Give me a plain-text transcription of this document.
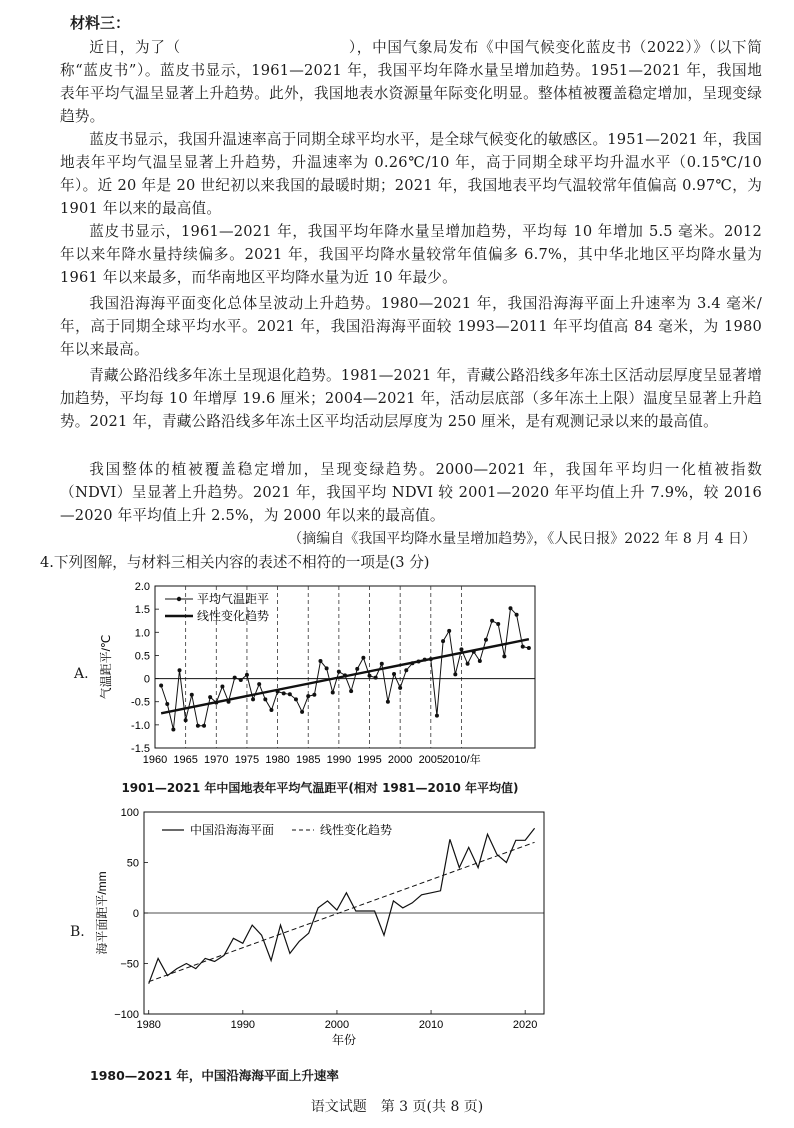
材料三：
近日，为了（　　　　　　　　　　　），中国气象局发布《中国气候变化蓝皮书（2022）》（以下简称“蓝皮书”）。蓝皮书显示，1961—2021 年，我国平均年降水量呈增加趋势。1951—2021 年，我国地表年平均气温呈显著上升趋势。此外，我国地表水资源量年际变化明显。整体植被覆盖稳定增加，呈现变绿趋势。
蓝皮书显示，我国升温速率高于同期全球平均水平，是全球气候变化的敏感区。1951—2021 年，我国地表年平均气温呈显著上升趋势，升温速率为 0.26℃/10 年，高于同期全球平均升温水平（0.15℃/10 年）。近 20 年是 20 世纪初以来我国的最暖时期；2021 年，我国地表平均气温较常年值偏高 0.97℃，为 1901 年以来的最高值。
蓝皮书显示，1961—2021 年，我国平均年降水量呈增加趋势，平均每 10 年增加 5.5 毫米。2012 年以来年降水量持续偏多。2021 年，我国平均降水量较常年值偏多 6.7%，其中华北地区平均降水量为 1961 年以来最多，而华南地区平均降水量为近 10 年最少。
我国沿海海平面变化总体呈波动上升趋势。1980—2021 年，我国沿海海平面上升速率为 3.4 毫米/年，高于同期全球平均水平。2021 年，我国沿海海平面较 1993—2011 年平均值高 84 毫米，为 1980 年以来最高。
青藏公路沿线多年冻土呈现退化趋势。1981—2021 年，青藏公路沿线多年冻土区活动层厚度呈显著增加趋势，平均每 10 年增厚 19.6 厘米；2004—2021 年，活动层底部（多年冻土上限）温度呈显著上升趋势。2021 年，青藏公路沿线多年冻土区平均活动层厚度为 250 厘米，是有观测记录以来的最高值。
我国整体的植被覆盖稳定增加，呈现变绿趋势。2000—2021 年，我国年平均归一化植被指数（NDVI）呈显著上升趋势。2021 年，我国平均 NDVI 较 2001—2020 年平均值上升 7.9%，较 2016—2020 年平均值上升 2.5%，为 2000 年以来的最高值。
（摘编自《我国平均降水量呈增加趋势》，《人民日报》2022 年 8 月 4 日）
4.下列图解，与材料三相关内容的表述不相符的一项是(3 分)
A.
1960 1965 1970 1975 1980 1985 1990 1995 2000 2005 2010/年
-1.5
-1.0
-0.5
0
0.5
1.0
1.5
2.0
气温距平/℃
平均气温距平
线性变化趋势
1901—2021 年中国地表年平均气温距平(相对 1981—2010 年平均值)
B.
1980	1990	2000	2010	2020
−100
−50
0
50
100
年份
海平面距平/mm
中国沿海海平面	线性变化趋势
1980—2021 年，中国沿海海平面上升速率
语文试题　第 3 页(共 8 页)
